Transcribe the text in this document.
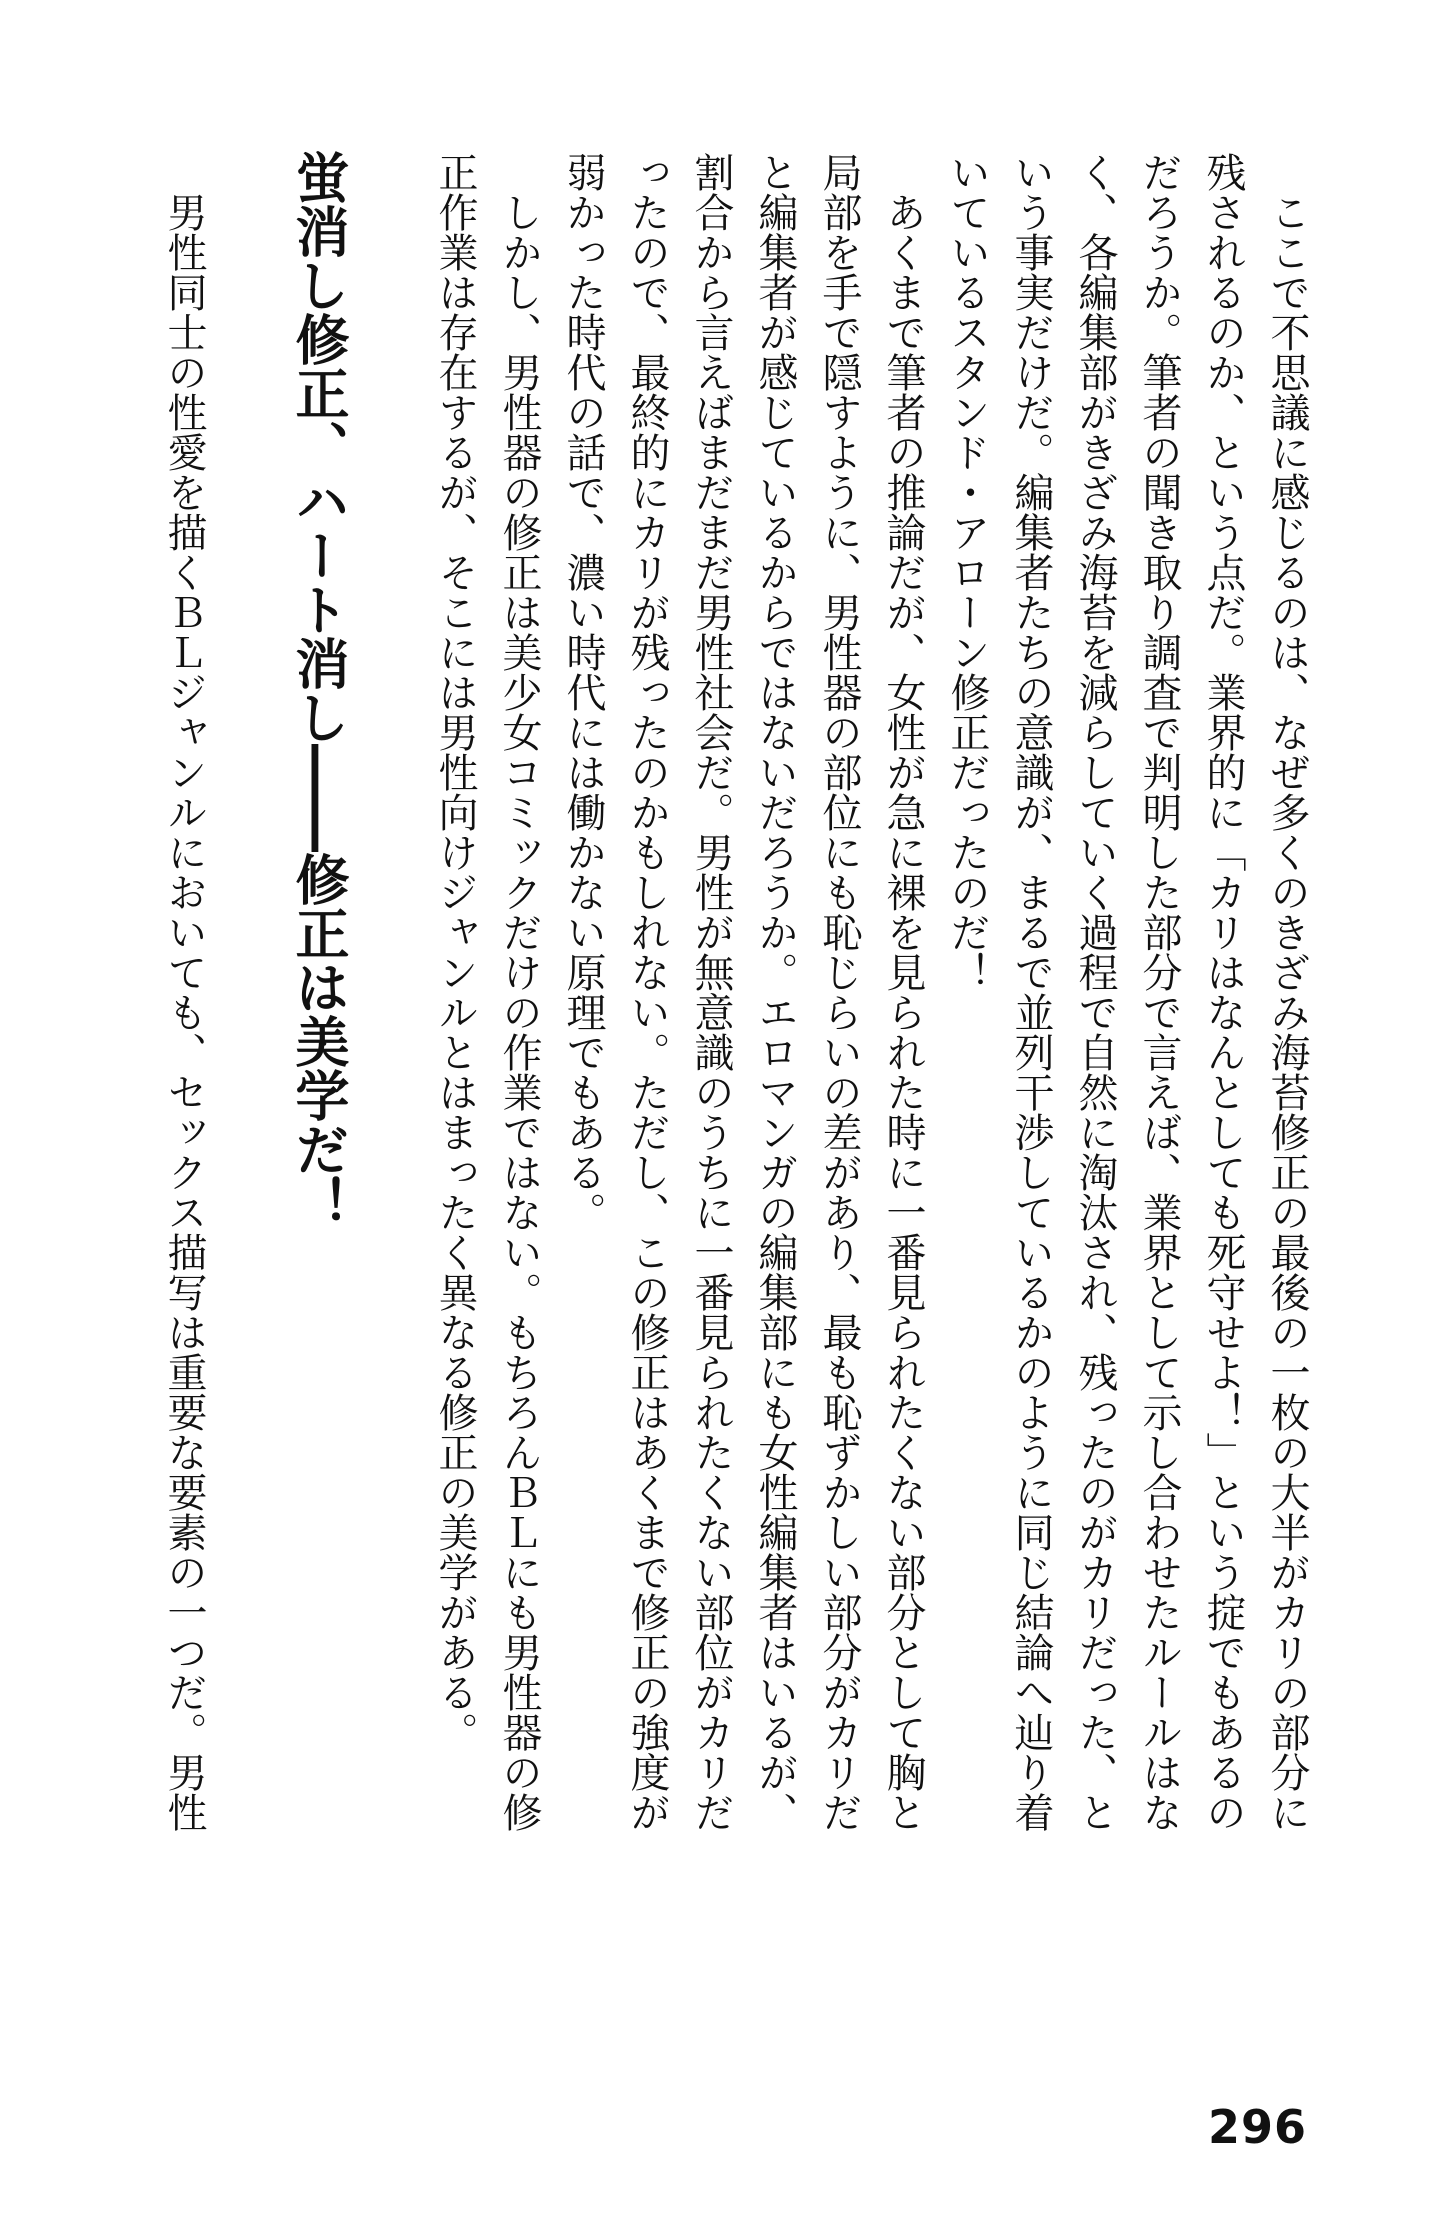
　ここで不思議に感じるのは、なぜ多くのきざみ海苔修正の最後の一枚の大半がカリの部分に
残されるのか、という点だ。業界的に「カリはなんとしても死守せよ！」という掟でもあるの
だろうか。筆者の聞き取り調査で判明した部分で言えば、業界として示し合わせたルールはな
く、各編集部がきざみ海苔を減らしていく過程で自然に淘汰され、残ったのがカリだった、と
いう事実だけだ。編集者たちの意識が、まるで並列干渉しているかのように同じ結論へ辿り着
いているスタンド・アローン修正だったのだ！
　あくまで筆者の推論だが、女性が急に裸を見られた時に一番見られたくない部分として胸と
局部を手で隠すように、男性器の部位にも恥じらいの差があり、最も恥ずかしい部分がカリだ
と編集者が感じているからではないだろうか。エロマンガの編集部にも女性編集者はいるが、
割合から言えばまだまだ男性社会だ。男性が無意識のうちに一番見られたくない部位がカリだ
ったので、最終的にカリが残ったのかもしれない。ただし、この修正はあくまで修正の強度が
弱かった時代の話で、濃い時代には働かない原理でもある。
　しかし、男性器の修正は美少女コミックだけの作業ではない。もちろんＢＬにも男性器の修
正作業は存在するが、そこには男性向けジャンルとはまったく異なる修正の美学がある。
蛍消し修正、ハート消し――修正は美学だ！
　男性同士の性愛を描くＢＬジャンルにおいても、セックス描写は重要な要素の一つだ。男性
296
